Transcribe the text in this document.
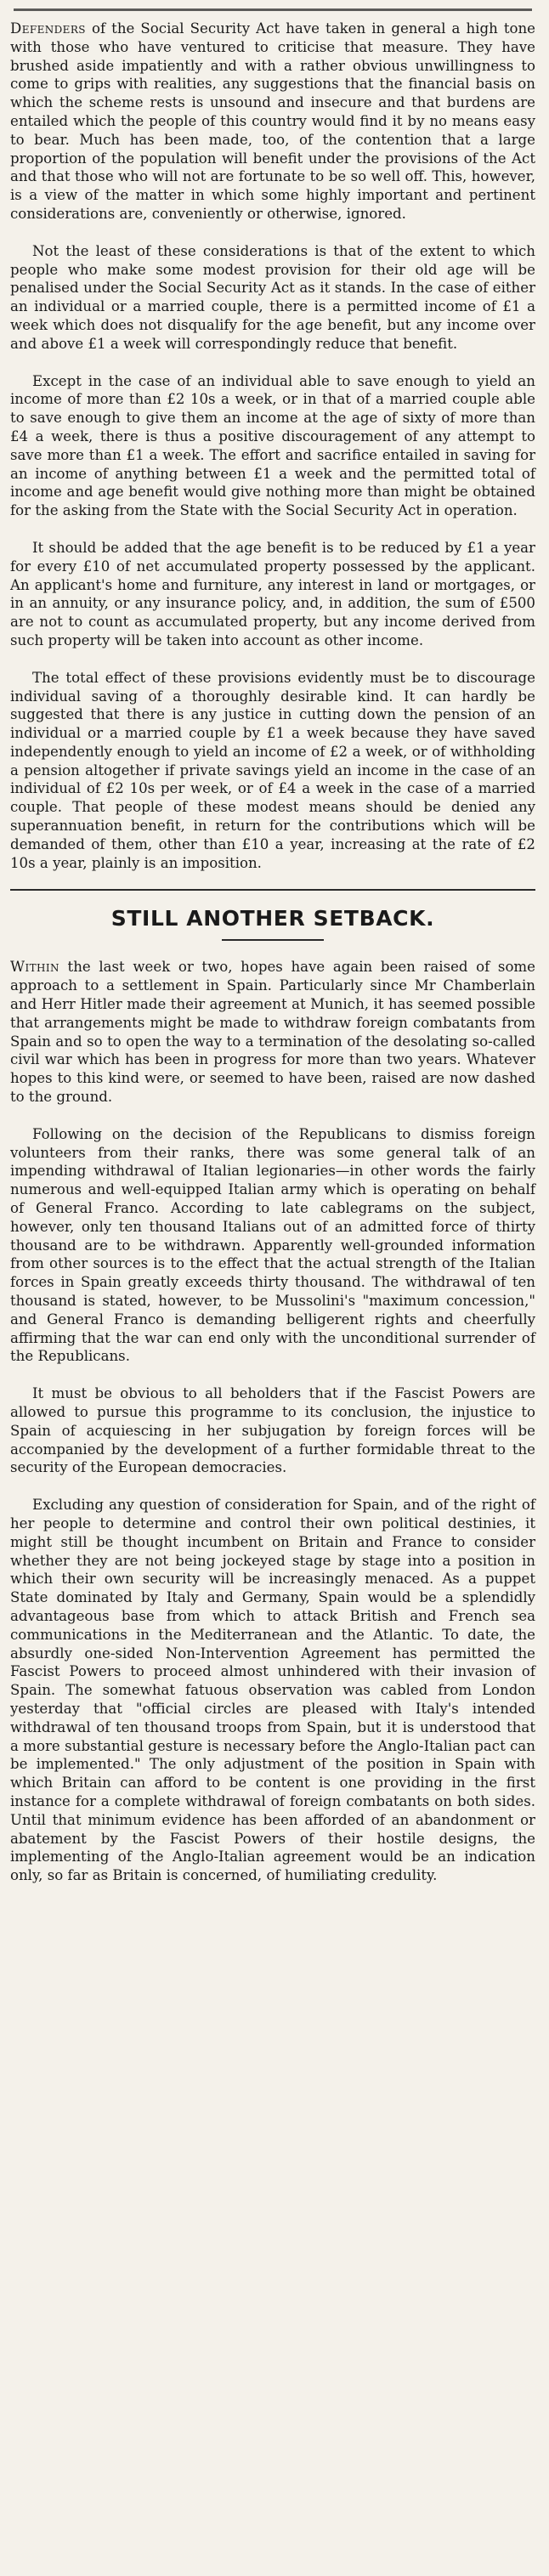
Defenders of the Social Security Act have taken in general a high tone with those who have ventured to criticise that measure. They have brushed aside impatiently and with a rather obvious unwillingness to come to grips with realities, any suggestions that the financial basis on which the scheme rests is unsound and insecure and that burdens are entailed which the people of this country would find it by no means easy to bear. Much has been made, too, of the contention that a large proportion of the population will benefit under the provisions of the Act and that those who will not are fortunate to be so well off. This, however, is a view of the matter in which some highly important and pertinent considerations are, conveniently or otherwise, ignored.

Not the least of these considerations is that of the extent to which people who make some modest provision for their old age will be penalised under the Social Security Act as it stands. In the case of either an individual or a married couple, there is a permitted income of £1 a week which does not disqualify for the age benefit, but any income over and above £1 a week will correspondingly reduce that benefit.

Except in the case of an individual able to save enough to yield an income of more than £2 10s a week, or in that of a married couple able to save enough to give them an income at the age of sixty of more than £4 a week, there is thus a positive discouragement of any attempt to save more than £1 a week. The effort and sacrifice entailed in saving for an income of anything between £1 a week and the permitted total of income and age benefit would give nothing more than might be obtained for the asking from the State with the Social Security Act in operation.

It should be added that the age benefit is to be reduced by £1 a year for every £10 of net accumulated property possessed by the applicant. An applicant's home and furniture, any interest in land or mortgages, or in an annuity, or any insurance policy, and, in addition, the sum of £500 are not to count as accumulated property, but any income derived from such property will be taken into account as other income.

The total effect of these provisions evidently must be to discourage individual saving of a thoroughly desirable kind. It can hardly be suggested that there is any justice in cutting down the pension of an individual or a married couple by £1 a week because they have saved independently enough to yield an income of £2 a week, or of withholding a pension altogether if private savings yield an income in the case of an individual of £2 10s per week, or of £4 a week in the case of a married couple. That people of these modest means should be denied any superannuation benefit, in return for the contributions which will be demanded of them, other than £10 a year, increasing at the rate of £2 10s a year, plainly is an imposition.

STILL ANOTHER SETBACK.

Within the last week or two, hopes have again been raised of some approach to a settlement in Spain. Particularly since Mr Chamberlain and Herr Hitler made their agreement at Munich, it has seemed possible that arrangements might be made to withdraw foreign combatants from Spain and so to open the way to a termination of the desolating so-called civil war which has been in progress for more than two years. Whatever hopes to this kind were, or seemed to have been, raised are now dashed to the ground.

Following on the decision of the Republicans to dismiss foreign volunteers from their ranks, there was some general talk of an impending withdrawal of Italian legionaries—in other words the fairly numerous and well-equipped Italian army which is operating on behalf of General Franco. According to late cablegrams on the subject, however, only ten thousand Italians out of an admitted force of thirty thousand are to be withdrawn. Apparently well-grounded information from other sources is to the effect that the actual strength of the Italian forces in Spain greatly exceeds thirty thousand. The withdrawal of ten thousand is stated, however, to be Mussolini's "maximum concession," and General Franco is demanding belligerent rights and cheerfully affirming that the war can end only with the unconditional surrender of the Republicans.

It must be obvious to all beholders that if the Fascist Powers are allowed to pursue this programme to its conclusion, the injustice to Spain of acquiescing in her subjugation by foreign forces will be accompanied by the development of a further formidable threat to the security of the European democracies.

Excluding any question of consideration for Spain, and of the right of her people to determine and control their own political destinies, it might still be thought incumbent on Britain and France to consider whether they are not being jockeyed stage by stage into a position in which their own security will be increasingly menaced. As a puppet State dominated by Italy and Germany, Spain would be a splendidly advantageous base from which to attack British and French sea communications in the Mediterranean and the Atlantic. To date, the absurdly one-sided Non-Intervention Agreement has permitted the Fascist Powers to proceed almost unhindered with their invasion of Spain. The somewhat fatuous observation was cabled from London yesterday that "official circles are pleased with Italy's intended withdrawal of ten thousand troops from Spain, but it is understood that a more substantial gesture is necessary before the Anglo-Italian pact can be implemented." The only adjustment of the position in Spain with which Britain can afford to be content is one providing in the first instance for a complete withdrawal of foreign combatants on both sides. Until that minimum evidence has been afforded of an abandonment or abatement by the Fascist Powers of their hostile designs, the implementing of the Anglo-Italian agreement would be an indication only, so far as Britain is concerned, of humiliating credulity.
